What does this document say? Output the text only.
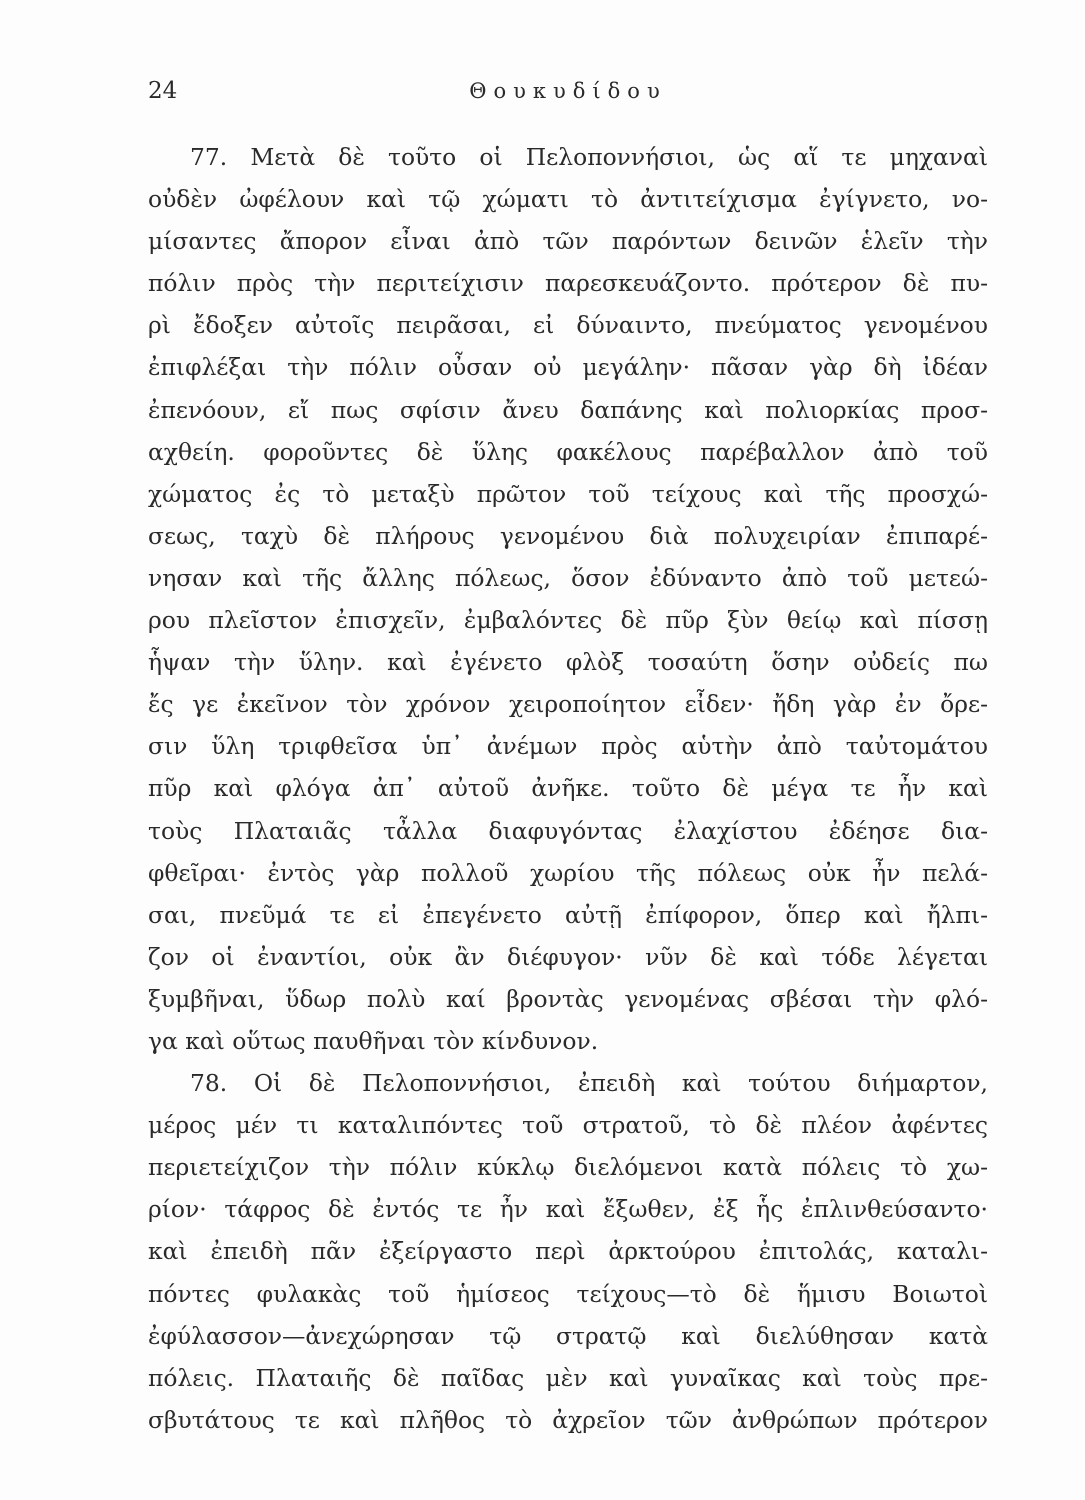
24	Θουκυδίδου
77. Μετὰ δὲ τοῦτο οἱ Πελοποννήσιοι, ὡς αἵ τε μηχαναὶ
οὐδὲν ὠφέλουν καὶ τῷ χώματι τὸ ἀντιτείχισμα ἐγίγνετο, νο-
μίσαντες ἄπορον εἶναι ἀπὸ τῶν παρόντων δεινῶν ἑλεῖν τὴν
πόλιν πρὸς τὴν περιτείχισιν παρεσκευάζοντο. πρότερον δὲ πυ-
ρὶ ἔδοξεν αὐτοῖς πειρᾶσαι, εἰ δύναιντο, πνεύματος γενομένου
ἐπιφλέξαι τὴν πόλιν οὖσαν οὐ μεγάλην· πᾶσαν γὰρ δὴ ἰδέαν
ἐπενόουν, εἴ πως σφίσιν ἄνευ δαπάνης καὶ πολιορκίας προσ-
αχθείη. φοροῦντες δὲ ὕλης φακέλους παρέβαλλον ἀπὸ τοῦ
χώματος ἐς τὸ μεταξὺ πρῶτον τοῦ τείχους καὶ τῆς προσχώ-
σεως, ταχὺ δὲ πλήρους γενομένου διὰ πολυχειρίαν ἐπιπαρέ-
νησαν καὶ τῆς ἄλλης πόλεως, ὅσον ἐδύναντο ἀπὸ τοῦ μετεώ-
ρου πλεῖστον ἐπισχεῖν, ἐμβαλόντες δὲ πῦρ ξὺν θείῳ καὶ πίσσῃ
ἧψαν τὴν ὕλην. καὶ ἐγένετο φλὸξ τοσαύτη ὅσην οὐδείς πω
ἔς γε ἐκεῖνον τὸν χρόνον χειροποίητον εἶδεν· ἤδη γὰρ ἐν ὄρε-
σιν ὕλη τριφθεῖσα ὑπ᾽ ἀνέμων πρὸς αὑτὴν ἀπὸ ταὐτομάτου
πῦρ καὶ φλόγα ἀπ᾽ αὐτοῦ ἀνῆκε. τοῦτο δὲ μέγα τε ἦν καὶ
τοὺς Πλαταιᾶς τἆλλα διαφυγόντας ἐλαχίστου ἐδέησε δια-
φθεῖραι· ἐντὸς γὰρ πολλοῦ χωρίου τῆς πόλεως οὐκ ἦν πελά-
σαι, πνεῦμά τε εἰ ἐπεγένετο αὐτῇ ἐπίφορον, ὅπερ καὶ ἤλπι-
ζον οἱ ἐναντίοι, οὐκ ἂν διέφυγον· νῦν δὲ καὶ τόδε λέγεται
ξυμβῆναι, ὕδωρ πολὺ καί βροντὰς γενομένας σβέσαι τὴν φλό-
γα καὶ οὕτως παυθῆναι τὸν κίνδυνον.
78. Οἱ δὲ Πελοποννήσιοι, ἐπειδὴ καὶ τούτου διήμαρτον,
μέρος μέν τι καταλιπόντες τοῦ στρατοῦ, τὸ δὲ πλέον ἀφέντες
περιετείχιζον τὴν πόλιν κύκλῳ διελόμενοι κατὰ πόλεις τὸ χω-
ρίον· τάφρος δὲ ἐντός τε ἦν καὶ ἔξωθεν, ἐξ ἧς ἐπλινθεύσαντο·
καὶ ἐπειδὴ πᾶν ἐξείργαστο περὶ ἀρκτούρου ἐπιτολάς, καταλι-
πόντες φυλακὰς τοῦ ἡμίσεος τείχους—τὸ δὲ ἥμισυ Βοιωτοὶ
ἐφύλασσον—ἀνεχώρησαν τῷ στρατῷ καὶ διελύθησαν κατὰ
πόλεις. Πλαταιῆς δὲ παῖδας μὲν καὶ γυναῖκας καὶ τοὺς πρε-
σβυτάτους τε καὶ πλῆθος τὸ ἀχρεῖον τῶν ἀνθρώπων πρότερον
